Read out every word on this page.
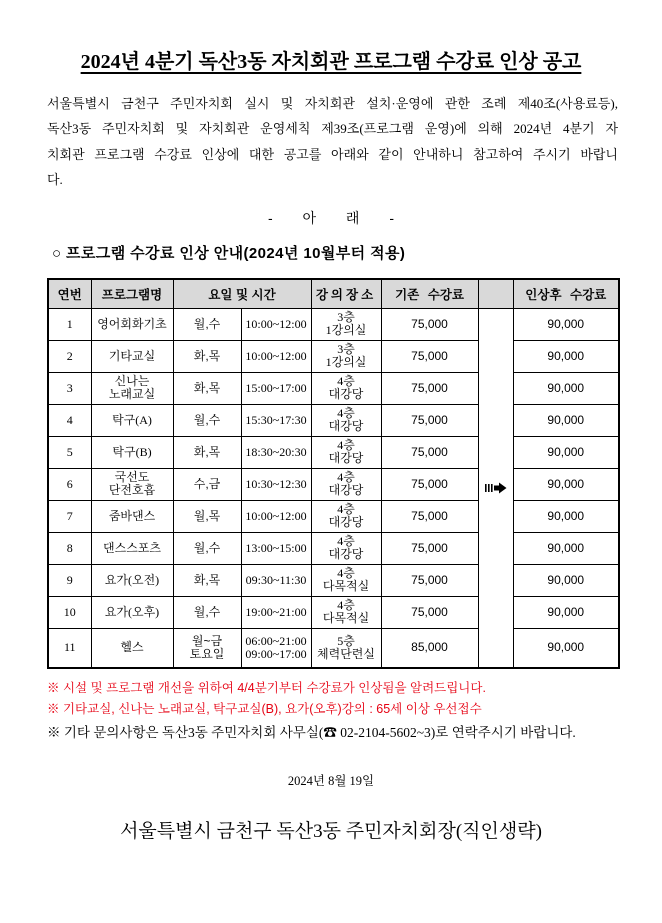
2024년 4분기 독산3동 자치회관 프로그램 수강료 인상 공고
서울특별시 금천구 주민자치회 실시 및 자치회관 설치·운영에 관한 조례 제40조(사용료등),
독산3동 주민자치회 및 자치회관 운영세칙 제39조(프로그램 운영)에 의해 2024년 4분기 자
치회관 프로그램 수강료 인상에 대한 공고를 아래와 같이 안내하니 참고하여 주시기 바랍니
다.
- 아 래 -
○ 프로그램 수강료 인상 안내(2024년 10월부터 적용)
연번	프로그램명	요일 및 시간		강의장소	기존 수강료		인상후 수강료
1	영어회화기초	월,수	10:00~12:00	3층
1강의실	75,000		90,000
2	기타교실	화,목	10:00~12:00	3층
1강의실	75,000		90,000
3	신나는
노래교실	화,목	15:00~17:00	4층
대강당	75,000		90,000
4	탁구(A)	월,수	15:30~17:30	4층
대강당	75,000		90,000
5	탁구(B)	화,목	18:30~20:30	4층
대강당	75,000		90,000
6	국선도
단전호흡	수,금	10:30~12:30	4층
대강당	75,000		90,000
7	줌바댄스	월,목	10:00~12:00	4층
대강당	75,000		90,000
8	댄스스포츠	월,수	13:00~15:00	4층
대강당	75,000		90,000
9	요가(오전)	화,목	09:30~11:30	4층
다목적실	75,000		90,000
10	요가(오후)	월,수	19:00~21:00	4층
다목적실	75,000		90,000
11	헬스	월~금
토요일	06:00~21:00
09:00~17:00	5층
체력단련실	85,000		90,000
※ 시설 및 프로그램 개선을 위하여 4/4분기부터 수강료가 인상됨을 알려드립니다.
※ 기타교실, 신나는 노래교실, 탁구교실(B), 요가(오후)강의 : 65세 이상 우선접수
※ 기타 문의사항은 독산3동 주민자치회 사무실(☎ 02-2104-5602~3)로 연락주시기 바랍니다.
2024년 8월 19일
서울특별시 금천구 독산3동 주민자치회장(직인생략)
